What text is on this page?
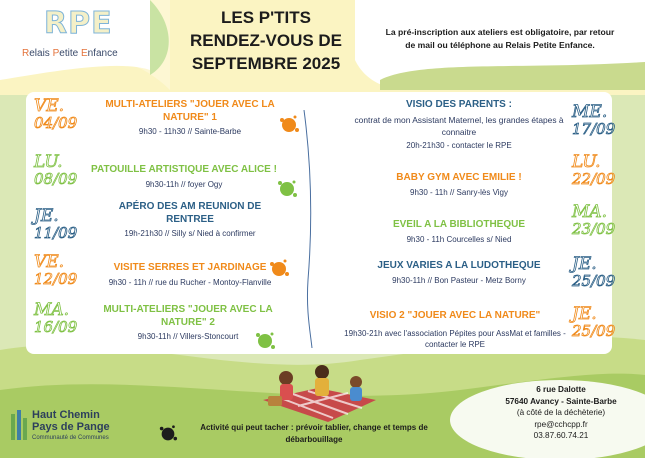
RPE
Relais Petite Enfance
LES P'TITS
RENDEZ-VOUS DE
SEPTEMBRE 2025
La pré-inscription aux ateliers est obligatoire, par retour de mail ou téléphone au Relais Petite Enfance.
VE.
04/09
MULTI-ATELIERS "JOUER AVEC LA NATURE" 1
9h30 - 11h30 // Sainte-Barbe
LU.
08/09
PATOUILLE ARTISTIQUE AVEC ALICE !
9h30-11h // foyer Ogy
JE.
11/09
APÉRO DES AM REUNION DE RENTREE
19h-21h30 // Silly s/ Nied à confirmer
VE.
12/09
VISITE SERRES ET JARDINAGE
9h30 - 11h // rue du Rucher - Montoy-Flanville
MA.
16/09
MULTI-ATELIERS "JOUER AVEC LA NATURE" 2
9h30-11h // Villers-Stoncourt
VISIO DES PARENTS :
contrat de mon Assistant Maternel, les grandes étapes à connaitre
20h-21h30 - contacter le RPE
ME.
17/09
BABY GYM AVEC EMILIE !
9h30 - 11h // Sanry-lès Vigy
LU.
22/09
EVEIL A LA BIBLIOTHEQUE
9h30 - 11h Courcelles s/ Nied
MA.
23/09
JEUX VARIES A LA LUDOTHEQUE
9h30-11h // Bon Pasteur - Metz Borny
JE.
25/09
VISIO 2 "JOUER AVEC LA NATURE"
19h30-21h avec l'association Pépites pour AssMat et familles - contacter le RPE
JE.
25/09
Haut Chemin
Pays de Pange
Communauté de Communes
Activité qui peut tacher : prévoir tablier, change et temps de débarbouillage
6 rue Dalotte
57640 Avancy - Sainte-Barbe
(à côté de la déchèterie)
rpe@cchcpp.fr
03.87.60.74.21
